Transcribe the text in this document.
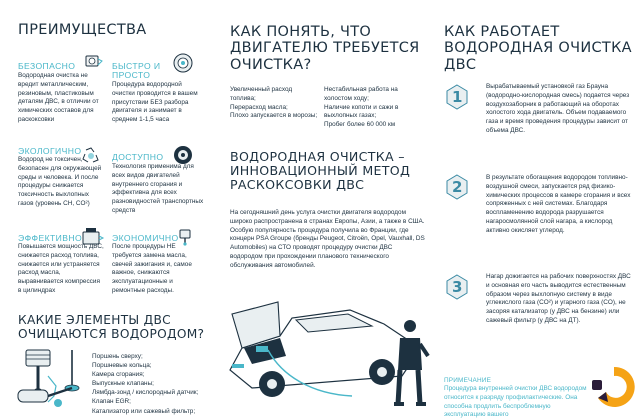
ПРЕИМУЩЕСТВА
БЕЗОПАСНО
Водородная очистка не вредит металлическим, резиновым, пластиковым деталям ДВС, в отличии от химических составов для раскоксовки
БЫСТРО И ПРОСТО
Процедура водородной очистки проводится в вашем присутствии БЕЗ разбора двигателя и занимает в среднем 1-1,5 часа
ЭКОЛОГИЧНО
Водород не токсичен, безопасен для окружающей среды и человека. И после процедуры снижается токсичность выхлопных газов (уровень CH, CO²)
ДОСТУПНО
Технология применима для всех видов двигателей внутреннего сгорания и эффективна для всех разновидностей транспортных средств
ЭФФЕКТИВНО
Повышается мощность ДВС, снижается расход топлива, снижается или устраняется расход масла, выравнивается компрессия в цилиндрах
ЭКОНОМИЧНО
После процедуры НЕ требуется замена масла, свечей зажигания и, самое важное, снижаются эксплуатационные и ремонтные расходы.
КАКИЕ ЭЛЕМЕНТЫ ДВС ОЧИЩАЮТСЯ ВОДОРОДОМ?
Поршень сверху;
Поршневые кольца;
Камера сгорания;
Выпускные клапаны;
Лямбда-зонд / кислородный датчик;
Клапан EGR;
Катализатор или сажевый фильтр;
КАК ПОНЯТЬ, ЧТО ДВИГАТЕЛЮ ТРЕБУЕТСЯ ОЧИСТКА?

Увеличенный расход топлива;

Перерасход масла;

Плохо запускается в морозы;

Нестабильная работа на холостом ходу;

Наличие копоти и сажи в выхлопных газах;

Пробег более 60 000 км

ВОДОРОДНАЯ ОЧИСТКА – ИННОВАЦИОННЫЙ МЕТОД РАСКОКСОВКИ ДВС
На сегодняшний день услуга очистки двигателя водородом широко распространена в странах Европы, Азии, а также в США. Особую популярность процедура получила во Франции, где концерн PSA Groupe (бренды Peugeot, Citroën, Opel, Vauxhall, DS Automobiles) на СТО проводят процедуру очистки ДВС водородом при прохождении планового технического обслуживания автомобилей.
КАК РАБОТАЕТ ВОДОРОДНАЯ ОЧИСТКА ДВС
1
Вырабатываемый установкой газ Брауна (водородно-кислородная смесь) подается через воздухозаборник в работающий на оборотах холостого хода двигатель. Объем подаваемого газа и время проведения процедуры зависит от объема ДВС.
2
В результате обогащения водородом топливно-воздушной смеси, запускается ряд физико-химических процессов в камере сгорания и всех сопряженных с ней системах. Благодаря воспламенению водорода разрушается нагаросмолянной слой нагара, а кислород активно окисляет углерод.
3
Нагар дожигается на рабочих поверхностях ДВС и основная его часть выводится естественным образом через выхлопную систему в виде углекислого газа (CO²) и угарного газа (CO), не засоряя катализатор (у ДВС на бензине) или сажевый фильтр (у ДВС на ДТ).
ПРИМЕЧАНИЕ
Процедура внутренней очистки ДВС водородом относится к разряду профилактические. Она способна продлить беспроблемную эксплуатацию вашего
